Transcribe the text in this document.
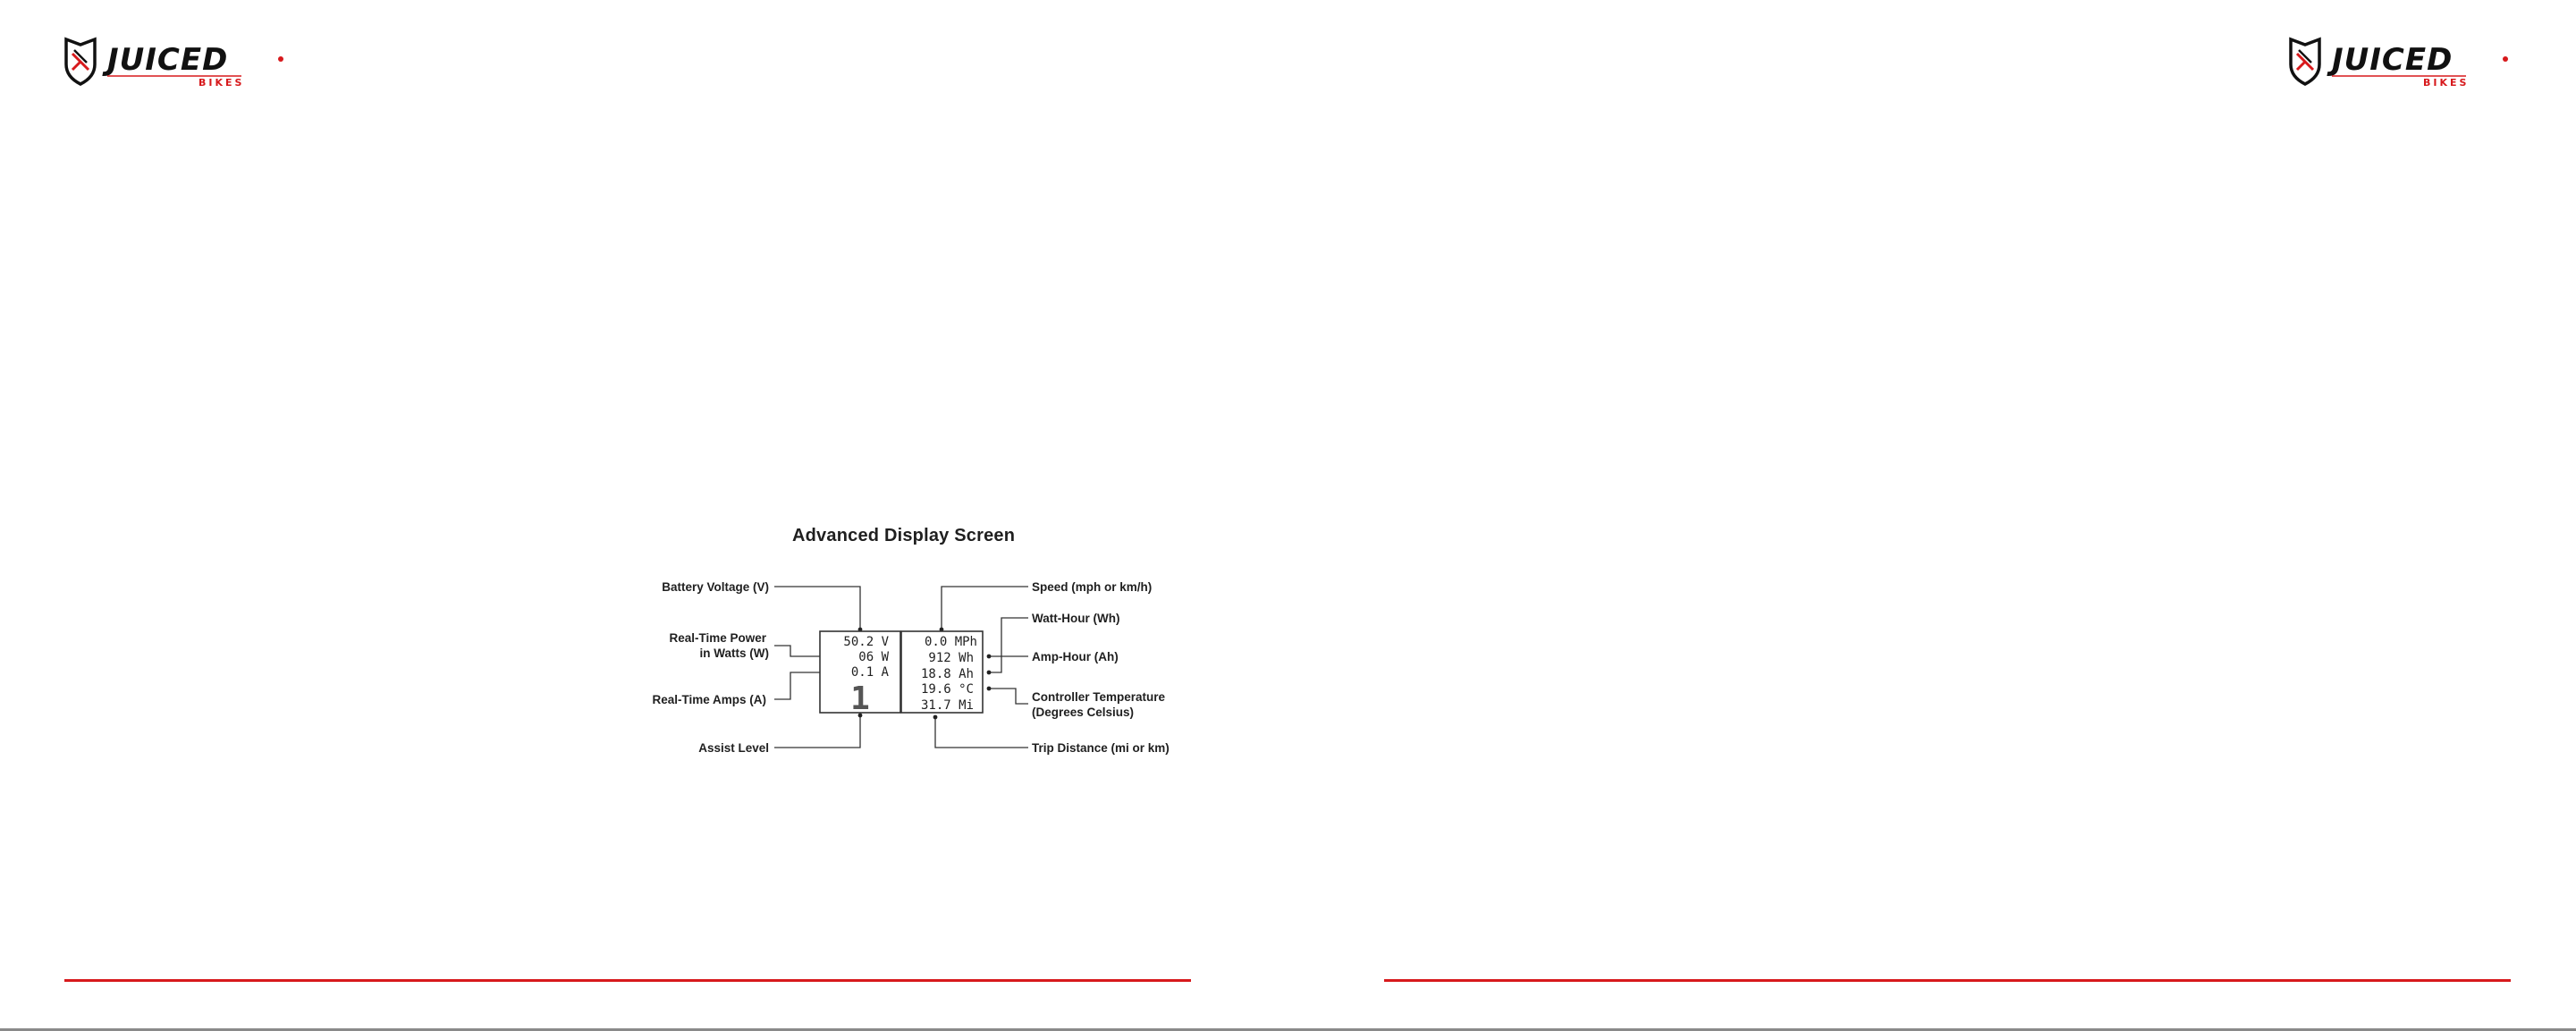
JUICED
BIKES
Advanced Display Screen
Battery Voltage (V)
Real-Time Power
in Watts (W)
Real-Time Amps (A)
Assist Level
Speed (mph or km/h)
Watt-Hour (Wh)
Amp-Hour (Ah)
Controller Temperature
(Degrees Celsius)
Trip Distance (mi or km)
50.2 V
06 W
0.1 A
1
0.0 MPh
912 Wh
18.8 Ah
19.6 °C
31.7 Mi
JUICED
BIKES
